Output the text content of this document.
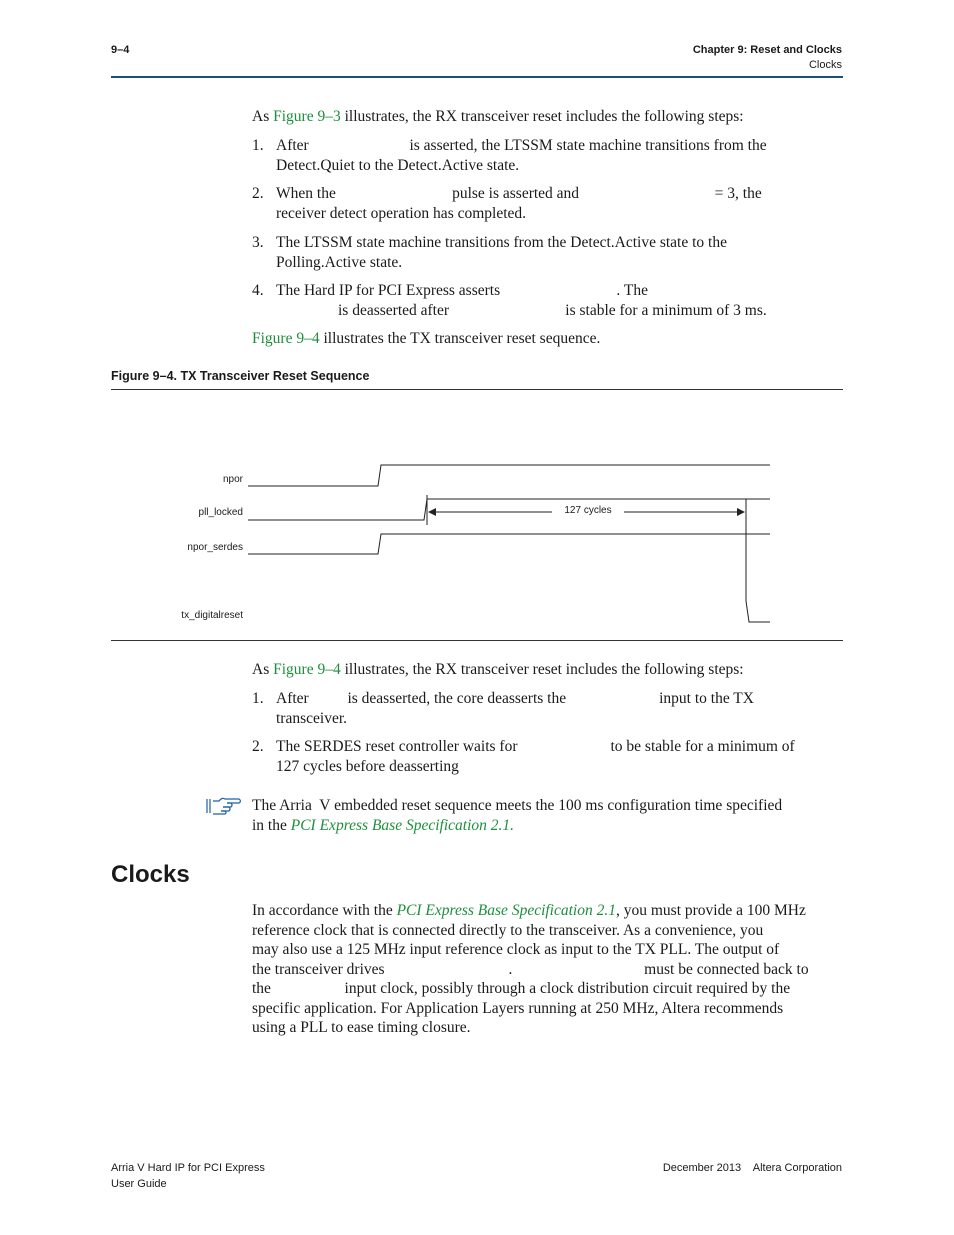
9–4	Chapter 9: Reset and Clocks
Clocks
As Figure 9–3 illustrates, the RX transceiver reset includes the following steps:
1. After                          is asserted, the LTSSM state machine transitions from the
Detect.Quiet to the Detect.Active state.
2. When the                              pulse is asserted and                                   = 3, the
receiver detect operation has completed.
3. The LTSSM state machine transitions from the Detect.Active state to the
Polling.Active state.
4. The Hard IP for PCI Express asserts                              . The
is deasserted after                              is stable for a minimum of 3 ms.
Figure 9–4 illustrates the TX transceiver reset sequence.
Figure 9–4. TX Transceiver Reset Sequence
npor
pll_locked
npor_serdes
tx_digitalreset
127 cycles
As Figure 9–4 illustrates, the RX transceiver reset includes the following steps:
1. After          is deasserted, the core deasserts the                        input to the TX
transceiver.
2. The SERDES reset controller waits for                        to be stable for a minimum of
127 cycles before deasserting
The Arria  V embedded reset sequence meets the 100 ms configuration time specified
in the PCI Express Base Specification 2.1.
Clocks
In accordance with the PCI Express Base Specification 2.1, you must provide a 100 MHz
reference clock that is connected directly to the transceiver. As a convenience, you
may also use a 125 MHz input reference clock as input to the TX PLL. The output of
the transceiver drives                                .                                  must be connected back to
the                   input clock, possibly through a clock distribution circuit required by the
specific application. For Application Layers running at 250 MHz, Altera recommends
using a PLL to ease timing closure.
Arria V Hard IP for PCI Express
User Guide
December 2013    Altera Corporation
